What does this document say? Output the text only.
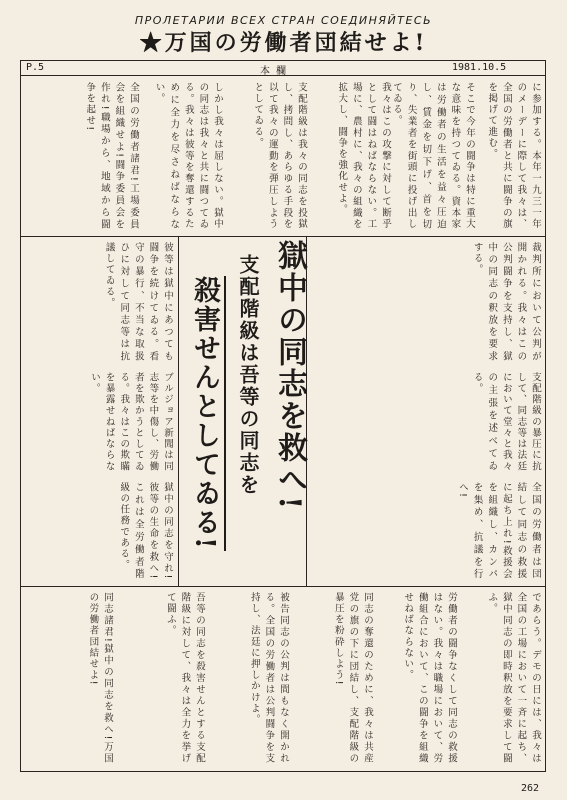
ПРОЛЕТАРИИ ВСЕХ СТРАН СОЕДИНЯЙТЕСЬ
★万国の労働者団結せよ!
P.5	本 欄	1981.10.5
に参加する。本年一九三一年のメーデーに際して我々は、全国の労働者と共に闘争の旗を掲げて進む。
そこで今年の闘争は特に重大な意味を持つてゐる。資本家は労働者の生活を益々圧迫し、賃金を切下げ、首を切り、失業者を街頭に投げ出してゐる。
我々はこの攻撃に対して断乎として闘はねばならない。工場に、農村に、我々の組織を拡大し、闘争を強化せよ。
支配階級は我々の同志を投獄し、拷問し、あらゆる手段を以て我々の運動を弾圧しようとしてゐる。
しかし我々は屈しない。獄中の同志は我々と共に闘つてゐる。我々は彼等を奪還するために全力を尽さねばならない。
全国の労働者諸君!工場委員会を組織せよ!闘争委員会を作れ!職場から、地域から闘争を起せ!
裁判所において公判が開かれる。我々はこの公判闘争を支持し、獄中の同志の釈放を要求する。
支配階級の暴圧に抗して、同志等は法廷において堂々と我々の主張を述べてゐる。
全国の労働者は団結して同志の救援に起ち上れ!救援会を組織し、カンパを集め、抗議を行へ!
彼等は獄中にあつても闘争を続けてゐる。看守の暴行、不当な取扱ひに対して同志等は抗議してゐる。
ブルジョア新聞は同志等を中傷し、労働者を欺かうとしてゐる。我々はこの欺瞞を暴露せねばならない。
獄中の同志を守れ!彼等の生命を救へ!これは全労働者階級の任務である。
獄中の同志を救へ!
支配階級は吾等の同志を
殺害せんとしてゐる!
であらう。デモの日には、我々は全国の工場において一斉に起ち、獄中同志の即時釈放を要求して闘ふ。
労働者の闘争なくして同志の救援はない。我々は職場において、労働組合において、この闘争を組織せねばならない。
同志の奪還のために、我々は共産党の旗の下に団結し、支配階級の暴圧を粉砕しよう!
被告同志の公判は間もなく開かれる。全国の労働者は公判闘争を支持し、法廷に押しかけよ。
吾等の同志を殺害せんとする支配階級に対して、我々は全力を挙げて闘ふ。
同志諸君!獄中の同志を救へ!万国の労働者団結せよ!
262
